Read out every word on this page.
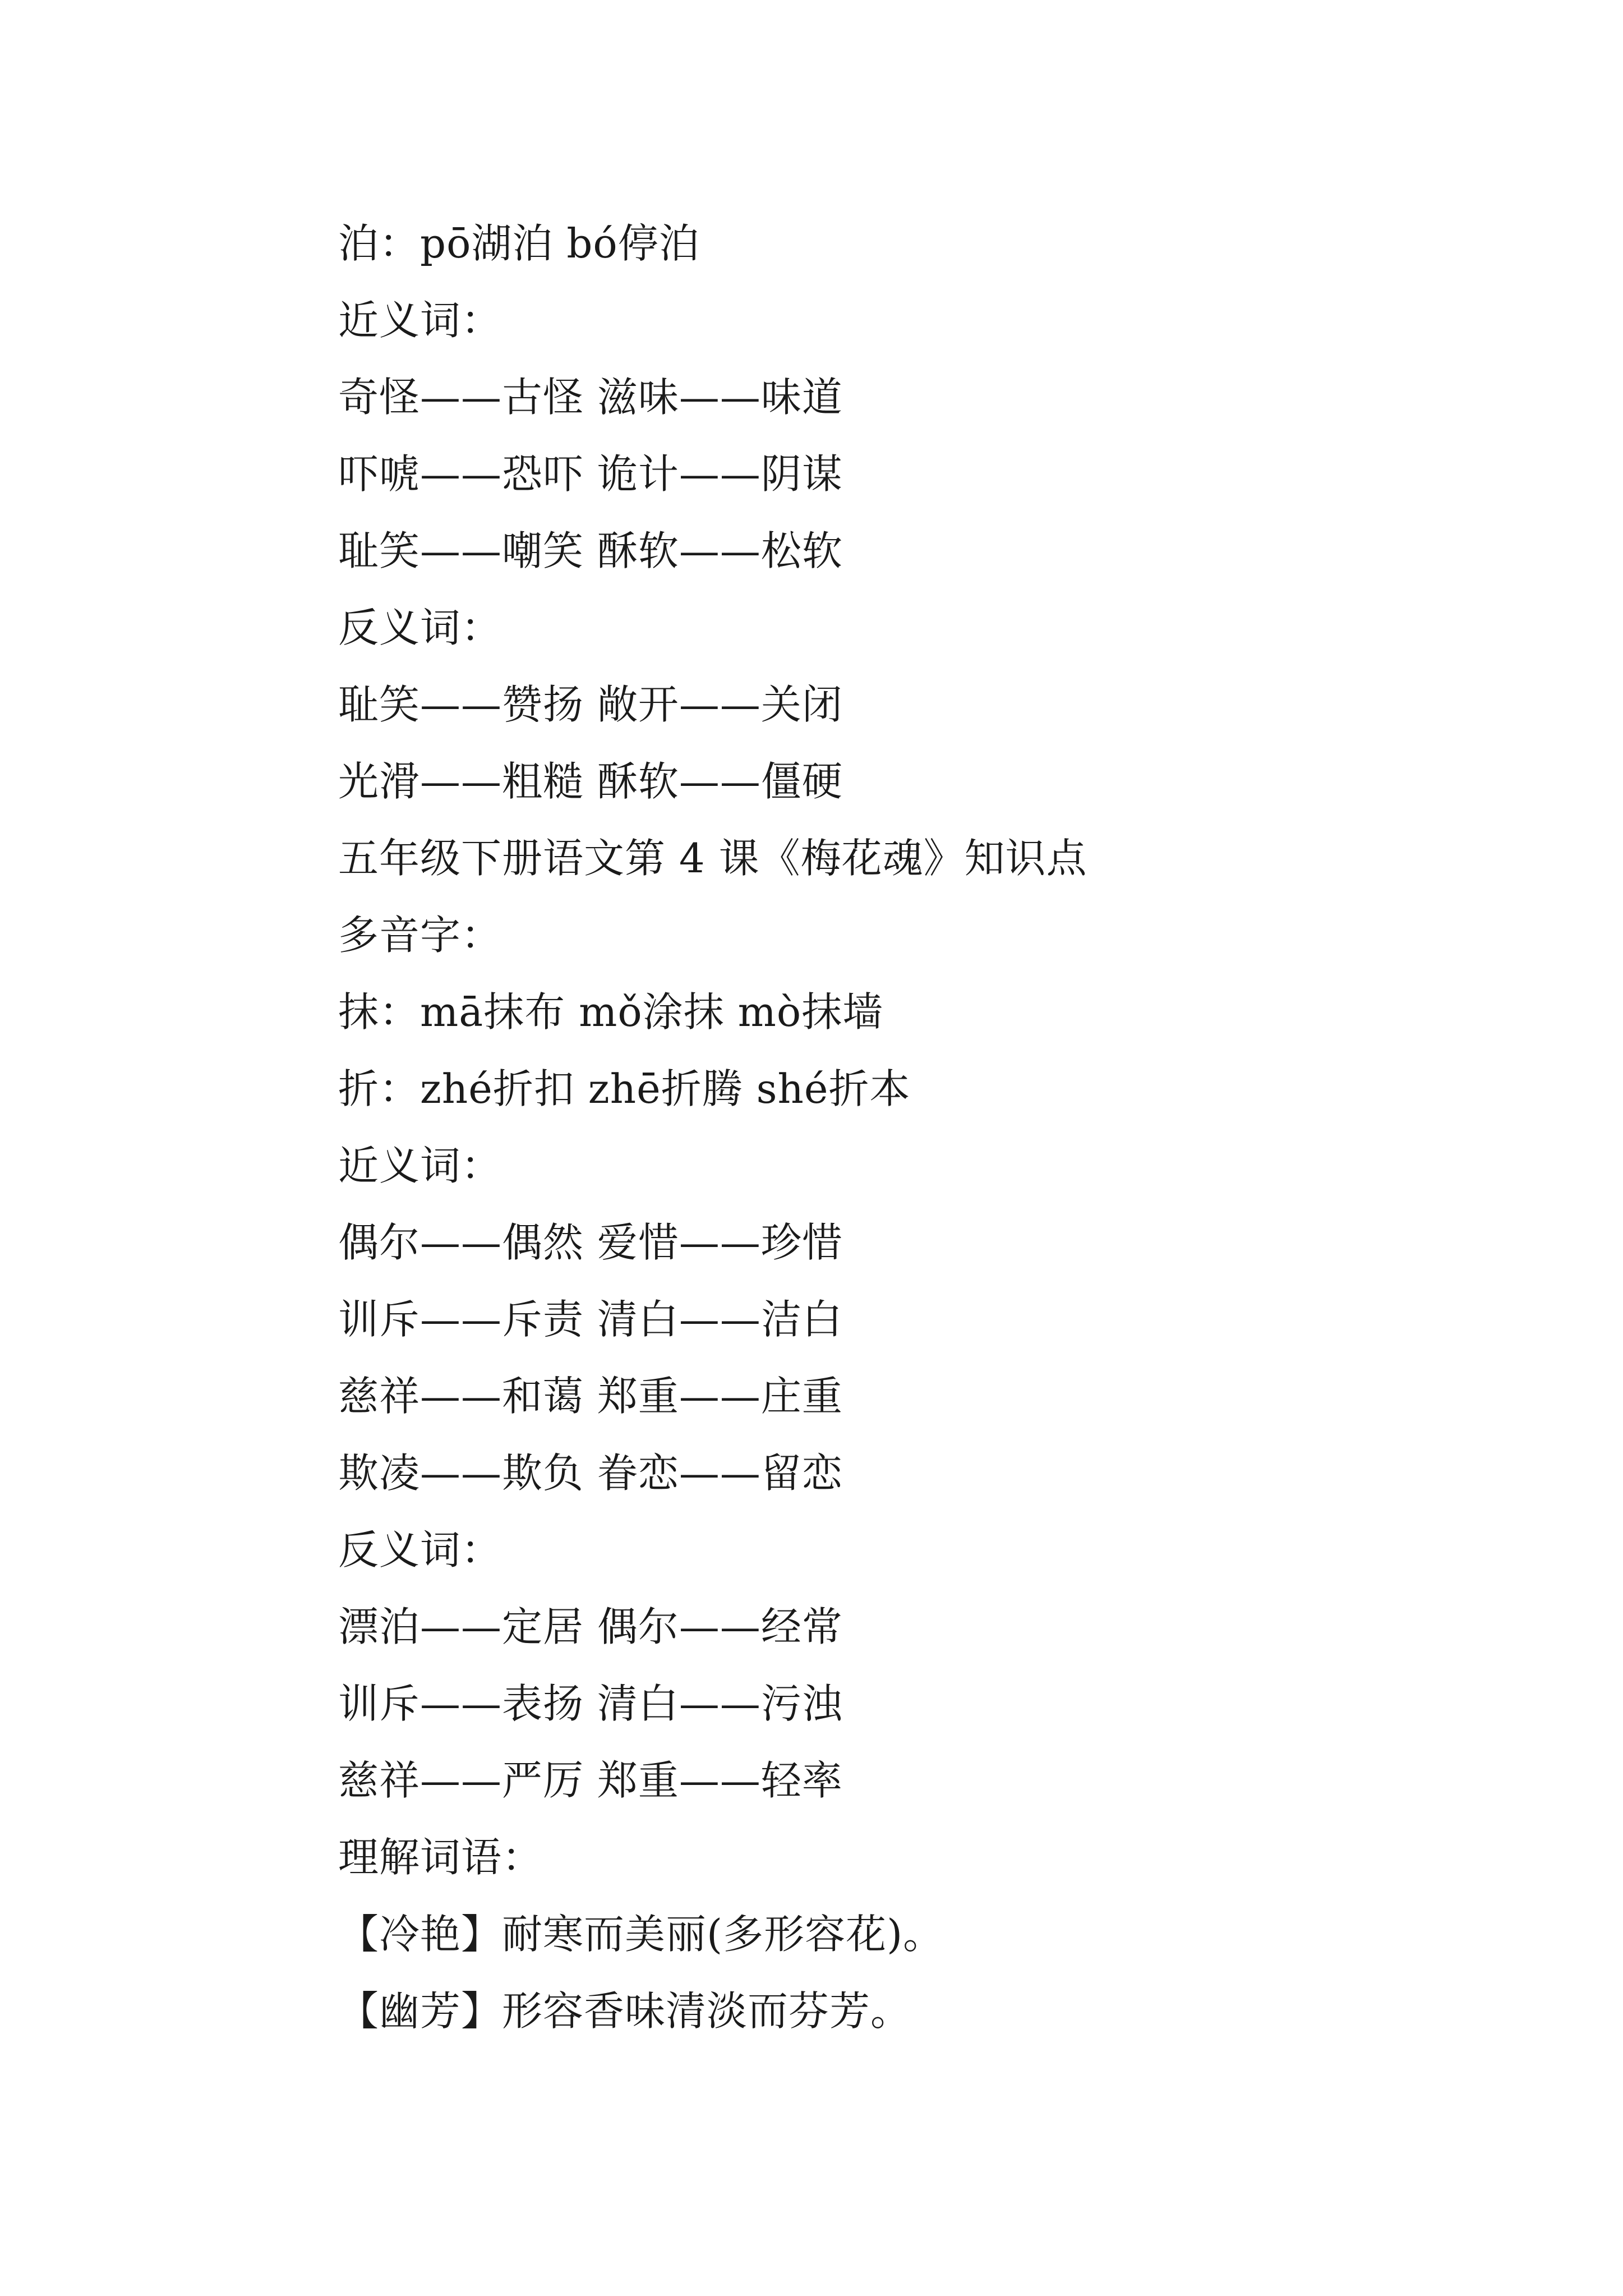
泊：pō湖泊 bó停泊
近义词：
奇怪——古怪 滋味——味道
吓唬——恐吓 诡计——阴谋
耻笑——嘲笑 酥软——松软
反义词：
耻笑——赞扬 敞开——关闭
光滑——粗糙 酥软——僵硬
五年级下册语文第 4 课《梅花魂》知识点
多音字：
抹：mā抹布 mǒ涂抹 mò抹墙
折：zhé折扣 zhē折腾 shé折本
近义词：
偶尔——偶然 爱惜——珍惜
训斥——斥责 清白——洁白
慈祥——和蔼 郑重——庄重
欺凌——欺负 眷恋——留恋
反义词：
漂泊——定居 偶尔——经常
训斥——表扬 清白——污浊
慈祥——严厉 郑重——轻率
理解词语：
【冷艳】耐寒而美丽(多形容花)。
【幽芳】形容香味清淡而芬芳。
